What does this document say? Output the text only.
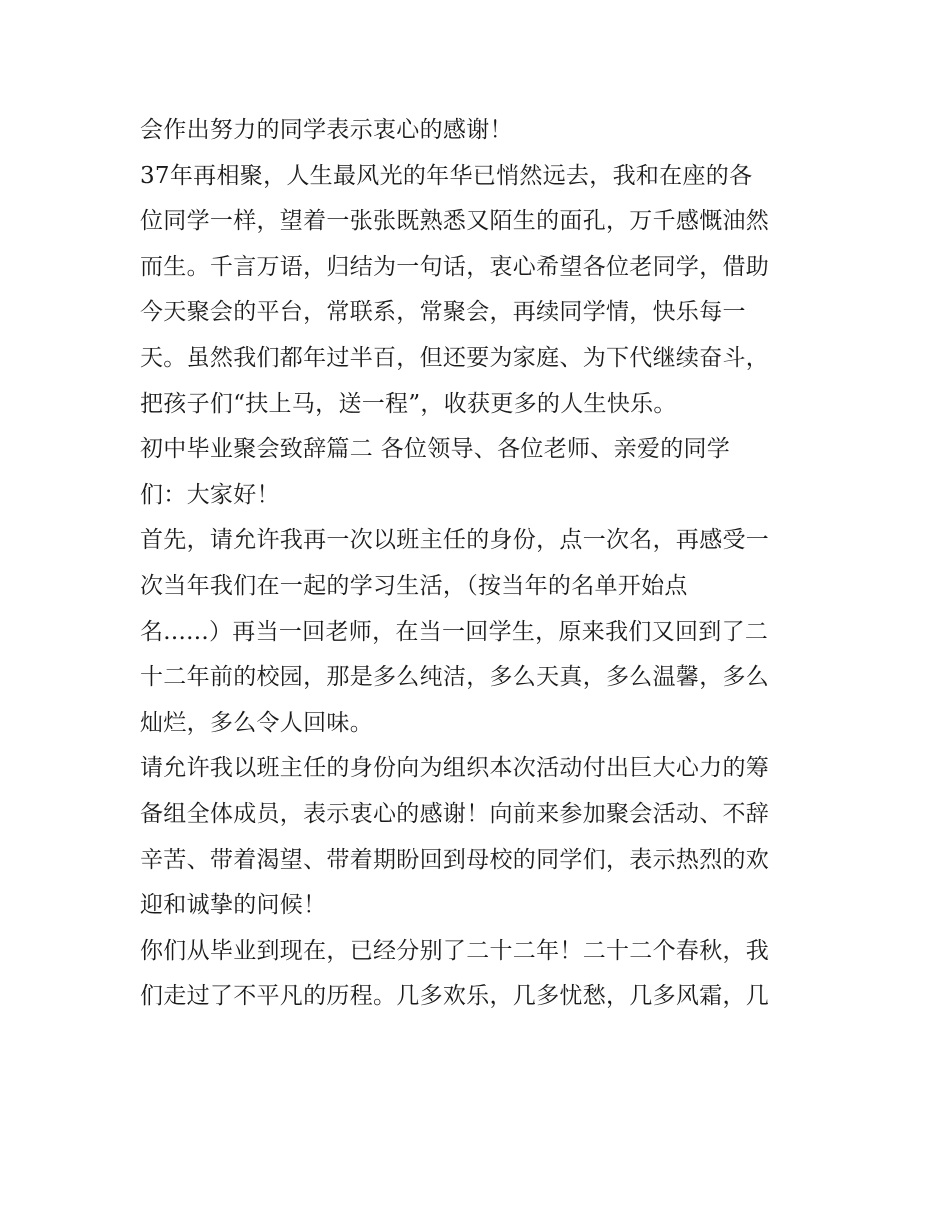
会作出努力的同学表示衷心的感谢！
37年再相聚，人生最风光的年华已悄然远去，我和在座的各
位同学一样，望着一张张既熟悉又陌生的面孔，万千感慨油然
而生。千言万语，归结为一句话，衷心希望各位老同学，借助
今天聚会的平台，常联系，常聚会，再续同学情，快乐每一
天。虽然我们都年过半百，但还要为家庭、为下代继续奋斗，
把孩子们“扶上马，送一程”，收获更多的人生快乐。
初中毕业聚会致辞篇二 各位领导、各位老师、亲爱的同学
们：大家好！
首先，请允许我再一次以班主任的身份，点一次名，再感受一
次当年我们在一起的学习生活，（按当年的名单开始点
名......）再当一回老师，在当一回学生，原来我们又回到了二
十二年前的校园，那是多么纯洁，多么天真，多么温馨，多么
灿烂，多么令人回味。
请允许我以班主任的身份向为组织本次活动付出巨大心力的筹
备组全体成员，表示衷心的感谢！向前来参加聚会活动、不辞
辛苦、带着渴望、带着期盼回到母校的同学们，表示热烈的欢
迎和诚挚的问候！
你们从毕业到现在，已经分别了二十二年！二十二个春秋，我
们走过了不平凡的历程。几多欢乐，几多忧愁，几多风霜，几
